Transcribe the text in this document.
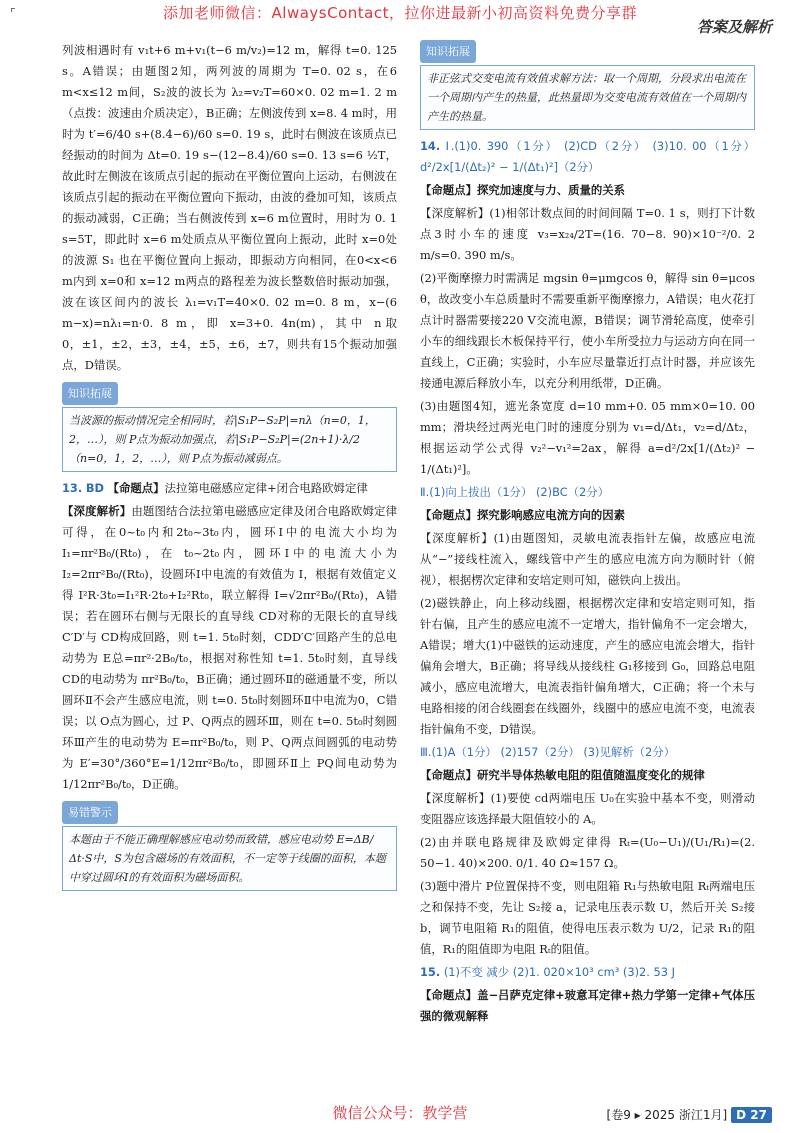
添加老师微信：AlwaysContact，拉你进最新小初高资料免费分享群
⌜
答案及解析

列波相遇时有 v₁t+6 m+v₁(t−6 m/v₂)=12 m，解得 t=0. 125 s。A错误；由题图2知，两列波的周期为 T=0. 02 s，在6 m<x≤12 m间，S₂波的波长为 λ₂=v₂T=60×0. 02 m=1. 2 m（点拨：波速由介质决定），B正确；左侧波传到 x=8. 4 m时，用时为 t′=6/40 s+(8.4−6)/60 s=0. 19 s，此时右侧波在该质点已经振动的时间为 Δt=0. 19 s−(12−8.4)/60 s=0. 13 s=6 ½T，故此时左侧波在该质点引起的振动在平衡位置向上运动，右侧波在该质点引起的振动在平衡位置向下振动，由波的叠加可知，该质点的振动减弱，C正确；当右侧波传到 x=6 m位置时，用时为 0. 1 s=5T，即此时 x=6 m处质点从平衡位置向上振动，此时 x=0处的波源 S₁ 也在平衡位置向上振动，即振动方向相同，在0<x<6 m内到 x=0和 x=12 m两点的路程差为波长整数倍时振动加强，波在该区间内的波长 λ₁=v₁T=40×0. 02 m=0. 8 m，x−(6 m−x)=nλ₁=n·0. 8 m，即 x=3+0. 4n(m)，其中 n取0，±1，±2，±3，±4，±5，±6，±7，则共有15个振动加强点，D错误。

知识拓展
当波源的振动情况完全相同时，若|S₁P−S₂P|=nλ（n=0，1，2，…），则 P点为振动加强点，若|S₁P−S₂P|=(2n+1)·λ/2（n=0，1，2，…），则 P点为振动减弱点。

13. BD 【命题点】法拉第电磁感应定律+闭合电路欧姆定律

【深度解析】由题图结合法拉第电磁感应定律及闭合电路欧姆定律可得，在0~t₀内和2t₀~3t₀内，圆环Ⅰ中的电流大小均为 I₁=πr²B₀/(Rt₀)，在 t₀~2t₀内，圆环Ⅰ中的电流大小为 I₂=2πr²B₀/(Rt₀)，设圆环Ⅰ中电流的有效值为 I，根据有效值定义得 I²R·3t₀=I₁²R·2t₀+I₂²Rt₀，联立解得 I=√2πr²B₀/(Rt₀)，A错误；若在圆环右侧与无限长的直导线 CD对称的无限长的直导线 C′D′与 CD构成回路，则 t=1. 5t₀时刻，CDD′C′回路产生的总电动势为 E总=πr²·2B₀/t₀，根据对称性知 t=1. 5t₀时刻，直导线 CD的电动势为 πr²B₀/t₀，B正确；通过圆环Ⅱ的磁通量不变，所以圆环Ⅱ不会产生感应电流，则 t=0. 5t₀时刻圆环Ⅱ中电流为0，C错误；以 O点为圆心，过 P、Q两点的圆环Ⅲ，则在 t=0. 5t₀时刻圆环Ⅲ产生的电动势为 E=πr²B₀/t₀，则 P、Q两点间圆弧的电动势为 E′=30°/360°E=1/12πr²B₀/t₀，即圆环Ⅱ上 PQ间电动势为 1/12πr²B₀/t₀，D正确。

易错警示
本题由于不能正确理解感应电动势而致错，感应电动势 E=ΔB/Δt·S中，S为包含磁场的有效面积，不一定等于线圈的面积，本题中穿过圆环Ⅰ的有效面积为磁场面积。
知识拓展
非正弦式交变电流有效值求解方法：取一个周期，分段求出电流在一个周期内产生的热量，此热量即为交变电流有效值在一个周期内产生的热量。

14. Ⅰ.(1)0. 390（1分） (2)CD（2分） (3)10. 00（1分） d²/2x[1/(Δt₂)² − 1/(Δt₁)²]（2分）

【命题点】探究加速度与力、质量的关系

【深度解析】(1)相邻计数点间的时间间隔 T=0. 1 s，则打下计数点3时小车的速度 v₃=x₂₄/2T=(16. 70−8. 90)×10⁻²/0. 2 m/s=0. 390 m/s。

(2)平衡摩擦力时需满足 mgsin θ=μmgcos θ，解得 sin θ=μcos θ，故改变小车总质量时不需要重新平衡摩擦力，A错误；电火花打点计时器需要接220 V交流电源，B错误；调节滑轮高度，使牵引小车的细线跟长木板保持平行，使小车所受拉力与运动方向在同一直线上，C正确；实验时，小车应尽量靠近打点计时器，并应该先接通电源后释放小车，以充分利用纸带，D正确。

(3)由题图4知，遮光条宽度 d=10 mm+0. 05 mm×0=10. 00 mm；滑块经过两光电门时的速度分别为 v₁=d/Δt₁，v₂=d/Δt₂，根据运动学公式得 v₂²−v₁²=2ax，解得 a=d²/2x[1/(Δt₂)² − 1/(Δt₁)²]。

Ⅱ.(1)向上拔出（1分） (2)BC（2分）

【命题点】探究影响感应电流方向的因素

【深度解析】(1)由题图知，灵敏电流表指针左偏，故感应电流从“−”接线柱流入，螺线管中产生的感应电流方向为顺时针（俯视），根据楞次定律和安培定则可知，磁铁向上拔出。

(2)磁铁静止，向上移动线圈，根据楞次定律和安培定则可知，指针右偏，且产生的感应电流不一定增大，指针偏角不一定会增大，A错误；增大(1)中磁铁的运动速度，产生的感应电流会增大，指针偏角会增大，B正确；将导线从接线柱 G₁移接到 G₀，回路总电阻减小，感应电流增大，电流表指针偏角增大，C正确；将一个未与电路相接的闭合线圈套在线圈外，线圈中的感应电流不变，电流表指针偏角不变，D错误。

Ⅲ.(1)A（1分） (2)157（2分） (3)见解析（2分）

【命题点】研究半导体热敏电阻的阻值随温度变化的规律

【深度解析】(1)要使 cd两端电压 U₀在实验中基本不变，则滑动变阻器应该选择最大阻值较小的 A。

(2)由并联电路规律及欧姆定律得 Rₜ=(U₀−U₁)/(U₁/R₁)=(2. 50−1. 40)×200. 0/1. 40 Ω≈157 Ω。

(3)题中滑片 P位置保持不变，则电阻箱 R₁与热敏电阻 Rₜ两端电压之和保持不变，先让 S₂接 a，记录电压表示数 U，然后开关 S₂接 b，调节电阻箱 R₁的阻值，使得电压表示数为 U/2，记录 R₁的阻值，R₁的阻值即为电阻 Rₜ的阻值。

15. (1)不变 减少 (2)1. 020×10³ cm³ (3)2. 53 J

【命题点】盖−吕萨克定律+玻意耳定律+热力学第一定律+气体压强的微观解释

微信公众号：教学营	[卷9 ▸ 2025 浙江1月] D 27
